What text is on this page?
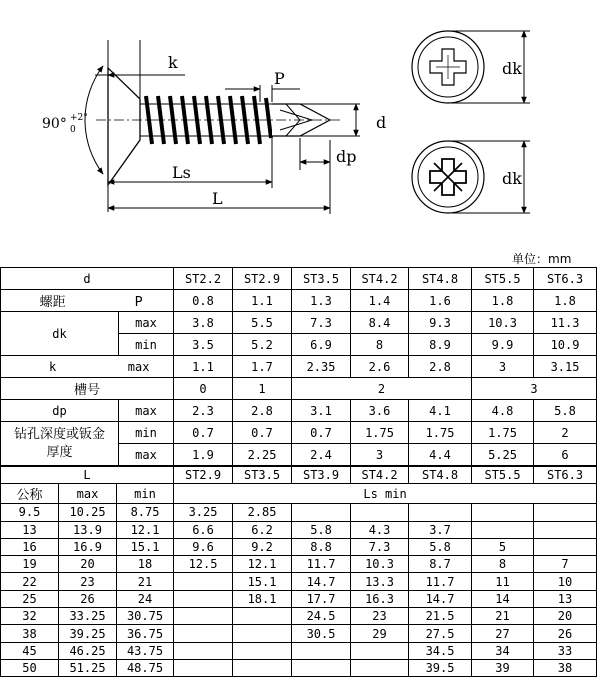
k
P
d
dp
Ls
L
dk
dk
90° +2°
0
单位：mm
d		ST2.2	ST2.9	ST3.5	ST4.2	ST4.8	ST5.5	ST6.3
螺距 P		0.8	1.1	1.3	1.4	1.6	1.8	1.8
dk	max	3.8	5.5	7.3	8.4	9.3	10.3	11.3
	min	3.5	5.2	6.9	8	8.9	9.9	10.9
k max		1.1	1.7	2.35	2.6	2.8	3	3.15
槽号		0	1	2			3	
dp	max	2.3	2.8	3.1	3.6	4.1	4.8	5.8

钻孔深度或钣金
厚度	min	0.7	0.7	0.7	1.75	1.75	1.75	2
	max	1.9	2.25	2.4	3	4.4	5.25	6
L			ST2.9	ST3.5	ST3.9	ST4.2	ST4.8	ST5.5	ST6.3
公称	max	min	Ls min						
9.5	10.25	8.75	3.25	2.85					
13	13.9	12.1	6.6	6.2	5.8	4.3	3.7		
16	16.9	15.1	9.6	9.2	8.8	7.3	5.8	5	
19	20	18	12.5	12.1	11.7	10.3	8.7	8	7
22	23	21		15.1	14.7	13.3	11.7	11	10
25	26	24		18.1	17.7	16.3	14.7	14	13
32	33.25	30.75			24.5	23	21.5	21	20
38	39.25	36.75			30.5	29	27.5	27	26
45	46.25	43.75					34.5	34	33
50	51.25	48.75					39.5	39	38
